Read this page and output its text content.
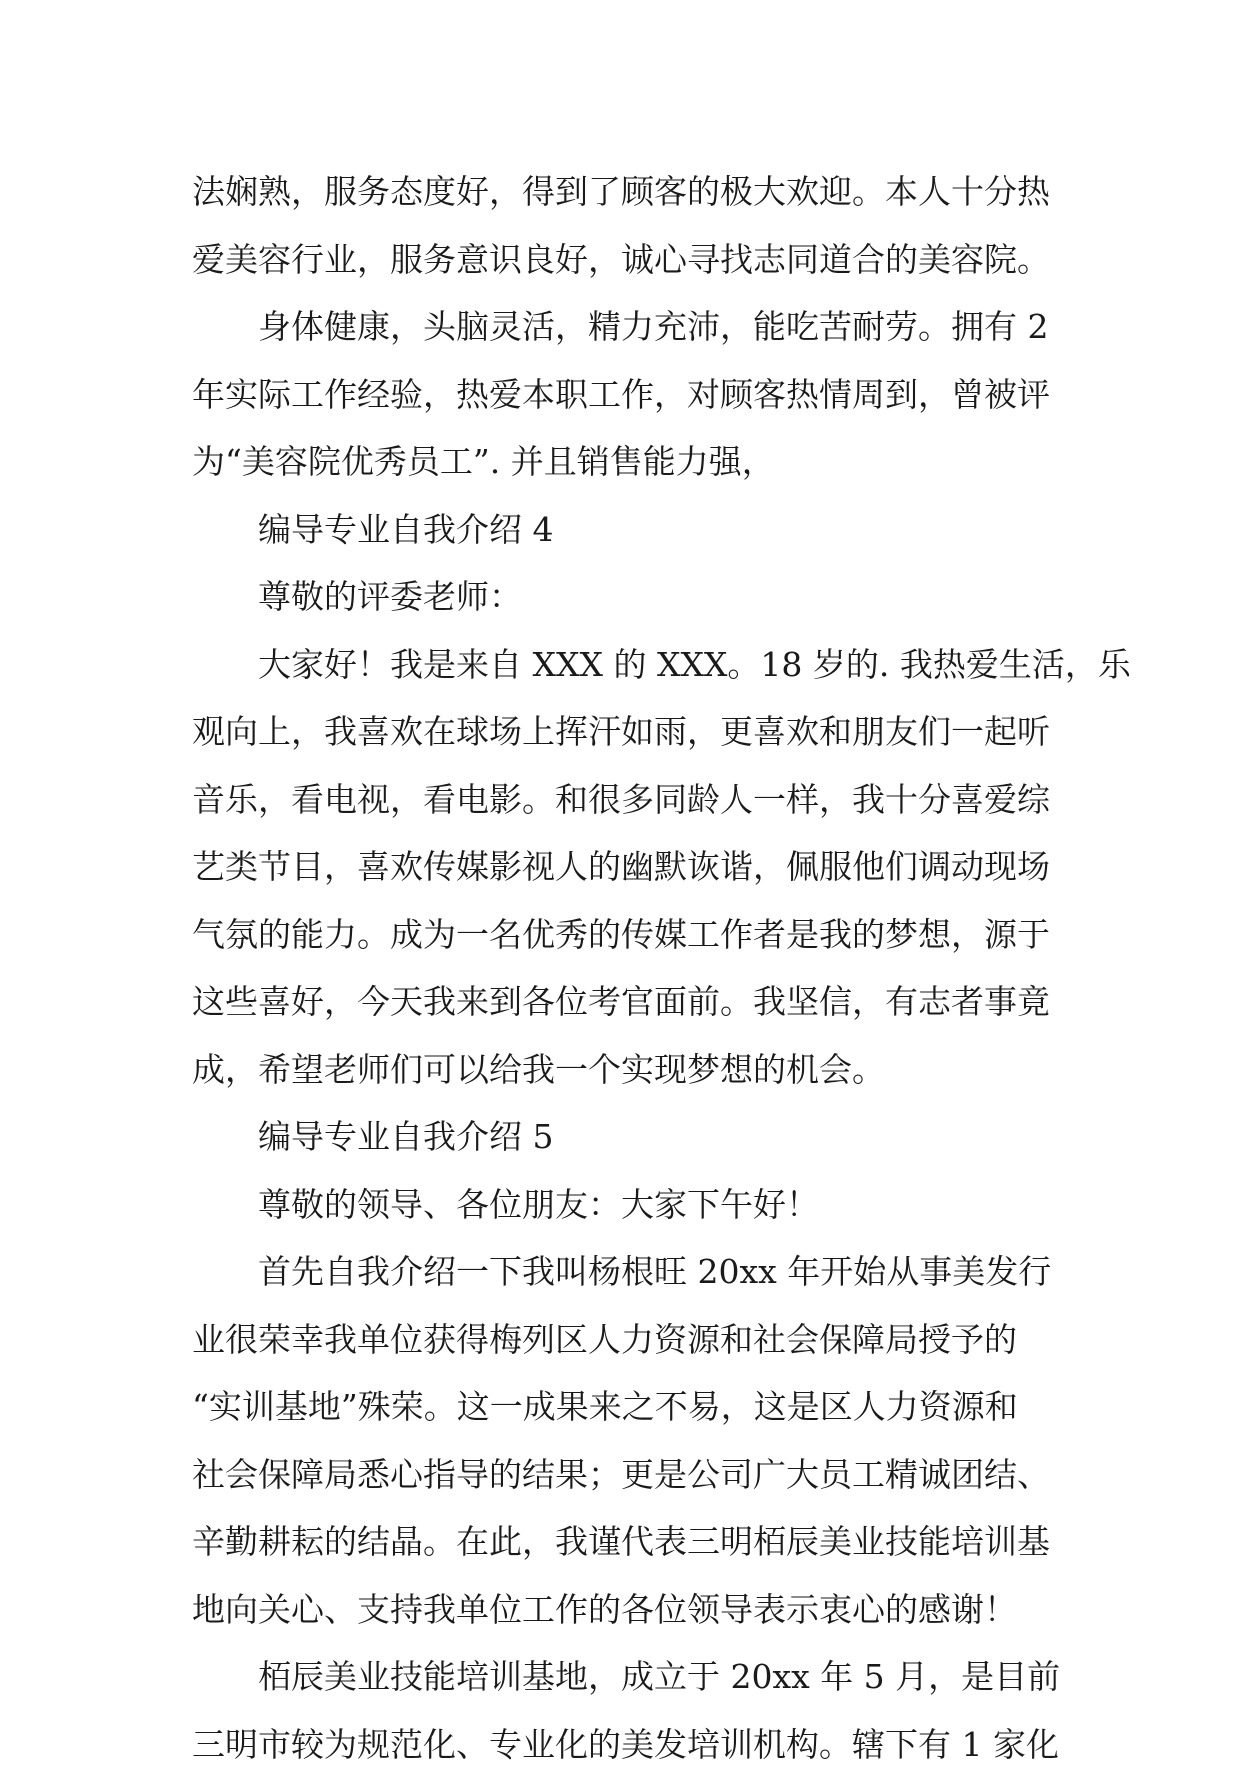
法娴熟，服务态度好，得到了顾客的极大欢迎。本人十分热
爱美容行业，服务意识良好，诚心寻找志同道合的美容院。
身体健康，头脑灵活，精力充沛，能吃苦耐劳。拥有 2
年实际工作经验，热爱本职工作，对顾客热情周到，曾被评
为“美容院优秀员工”. 并且销售能力强，
编导专业自我介绍 4
尊敬的评委老师：
大家好！我是来自 XXX 的 XXX。18 岁的. 我热爱生活，乐
观向上，我喜欢在球场上挥汗如雨，更喜欢和朋友们一起听
音乐，看电视，看电影。和很多同龄人一样，我十分喜爱综
艺类节目，喜欢传媒影视人的幽默诙谐，佩服他们调动现场
气氛的能力。成为一名优秀的传媒工作者是我的梦想，源于
这些喜好，今天我来到各位考官面前。我坚信，有志者事竟
成，希望老师们可以给我一个实现梦想的机会。
编导专业自我介绍 5
尊敬的领导、各位朋友：大家下午好！
首先自我介绍一下我叫杨根旺 20xx 年开始从事美发行
业很荣幸我单位获得梅列区人力资源和社会保障局授予的
“实训基地”殊荣。这一成果来之不易，这是区人力资源和
社会保障局悉心指导的结果；更是公司广大员工精诚团结、
辛勤耕耘的结晶。在此，我谨代表三明栢辰美业技能培训基
地向关心、支持我单位工作的各位领导表示衷心的感谢！
栢辰美业技能培训基地，成立于 20xx 年 5 月，是目前
三明市较为规范化、专业化的美发培训机构。辖下有 1 家化
